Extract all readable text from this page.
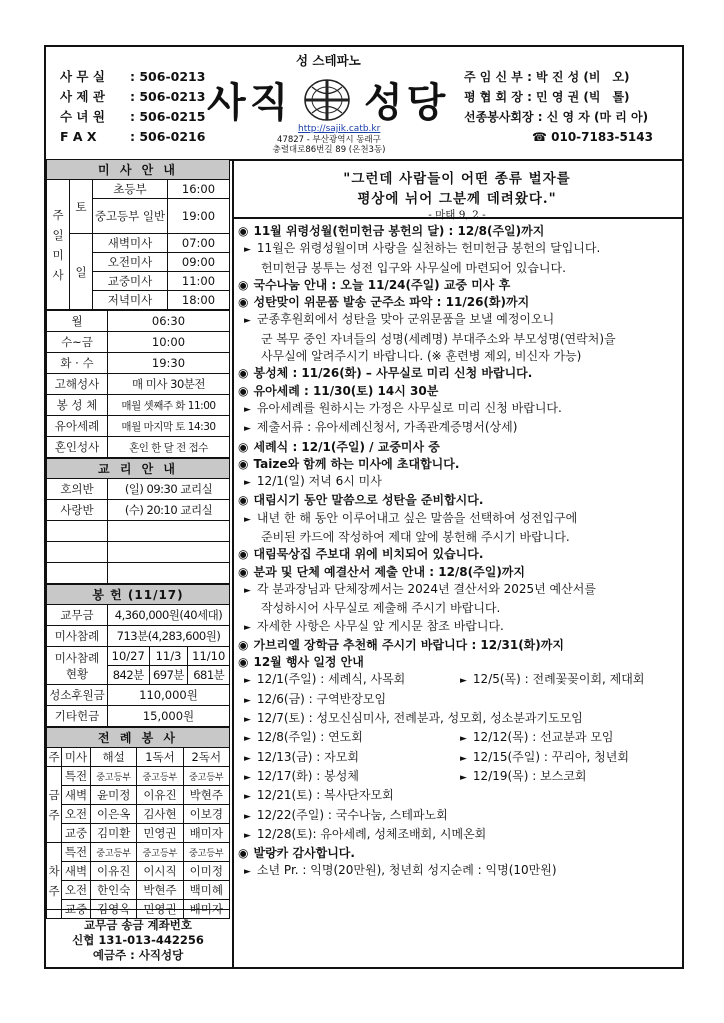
성 스테파노
사 무 실	: 506-0213
사 제 관	: 506-0213
수 녀 원	: 506-0215
F A X	: 506-0216
사직 성당
http://sajik.catb.kr
47827 - 부산광역시 동래구
충렬대로86번길 89 (온천3동)
주 임 신 부 : 박 진 성 (비　오)
평 협 회 장 : 민 영 권 (빅　톨)
선종봉사회장 : 신 영 자 (마 리 아)
☎ 010-7183-5143
미 사 안 내			
주
일
미
사	토	초등부	16:00
		중고등부 일반	19:00
	일	새벽미사	07:00
		오전미사	09:00
		교중미사	11:00
		저녁미사	18:00
월	06:30
수~금	10:00
화 · 수	19:30
고해성사	매 미사 30분전
봉 성 체	매월 셋째주 화 11:00
유아세례	매월 마지막 토 14:30
혼인성사	혼인 한 달 전 접수
교 리 안 내	
호의반	(일) 09:30 교리실
사랑반	(수) 20:10 교리실

봉 헌 (11/17)			
교무금	4,360,000원(40세대)		
미사참례	713분(4,283,600원)		
미사참례
현황	10/27	11/3	11/10
	842분	697분	681분
성소후원금	110,000원		
기타헌금	15,000원		
전 례 봉 사				
주	미사	해설	1독서	2독서
금
주	특전	중고등부	중고등부	중고등부
	새벽	윤미정	이유진	박현주
	오전	이은옥	김사현	이보경
	교중	김미환	민영권	배미자
차
주	특전	중고등부	중고등부	중고등부
	새벽	이유진	이시직	이미정
	오전	한인숙	박현주	백미혜
	교중	김영옥	민영권	배미자
교무금 송금 계좌번호
신협 131-013-442256
예금주 : 사직성당
"그런데 사람들이 어떤 종류 벌자를
평상에 뉘어 그분께 데려왔다."
- 마태 9, 2 -
◉ 11월 위령성월(헌미헌금 봉헌의 달) : 12/8(주일)까지
► 11월은 위령성월이며 사랑을 실천하는 헌미헌금 봉헌의 달입니다.
헌미헌금 봉투는 성전 입구와 사무실에 마련되어 있습니다.
◉ 국수나눔 안내 : 오늘 11/24(주일) 교중 미사 후
◉ 성탄맞이 위문품 발송 군주소 파악 : 11/26(화)까지
► 군종후원회에서 성탄을 맞아 군위문품을 보낼 예정이오니
군 복무 중인 자녀들의 성명(세례명) 부대주소와 부모성명(연락처)을
사무실에 알려주시기 바랍니다. (※ 훈련병 제외, 비신자 가능)
◉ 봉성체 : 11/26(화) – 사무실로 미리 신청 바랍니다.
◉ 유아세례 : 11/30(토) 14시 30분
► 유아세례를 원하시는 가정은 사무실로 미리 신청 바랍니다.
► 제출서류 : 유아세례신청서, 가족관계증명서(상세)
◉ 세례식 : 12/1(주일) / 교중미사 중
◉ Taize와 함께 하는 미사에 초대합니다.
► 12/1(일) 저녁 6시 미사
◉ 대림시기 동안 말씀으로 성탄을 준비합시다.
► 내년 한 해 동안 이루어내고 싶은 말씀을 선택하여 성전입구에
준비된 카드에 작성하여 제대 앞에 봉헌해 주시기 바랍니다.
◉ 대림묵상집 주보대 위에 비치되어 있습니다.
◉ 분과 및 단체 예결산서 제출 안내 : 12/8(주일)까지
► 각 분과장님과 단체장께서는 2024년 결산서와 2025년 예산서를
작성하시어 사무실로 제출해 주시기 바랍니다.
► 자세한 사항은 사무실 앞 게시문 참조 바랍니다.
◉ 가브리엘 장학금 추천해 주시기 바랍니다 : 12/31(화)까지
◉ 12월 행사 일정 안내
► 12/1(주일) : 세례식, 사목회	► 12/5(목) : 전례꽃꽂이회, 제대회
► 12/6(금) : 구역반장모임
► 12/7(토) : 성모신심미사, 전례분과, 성모회, 성소분과기도모임
► 12/8(주일) : 연도회	► 12/12(목) : 선교분과 모임
► 12/13(금) : 자모회	► 12/15(주일) : 꾸리아, 청년회
► 12/17(화) : 봉성체	► 12/19(목) : 보스코회
► 12/21(토) : 복사단자모회
► 12/22(주일) : 국수나눔, 스테파노회
► 12/28(토): 유아세례, 성체조배회, 시메온회
◉ 발랑카 감사합니다.
► 소년 Pr. : 익명(20만원), 청년회 성지순례 : 익명(10만원)
